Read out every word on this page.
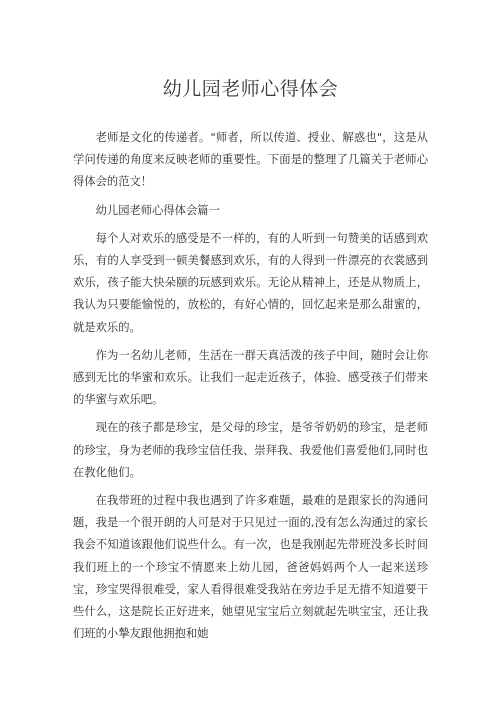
幼儿园老师心得体会

老师是文化的传递者。"师者，所以传道、授业、解惑也"，这是从学问传递的角度来反映老师的重要性。下面是的整理了几篇关于老师心得体会的范文！

幼儿园老师心得体会篇一

每个人对欢乐的感受是不一样的，有的人听到一句赞美的话感到欢乐，有的人享受到一顿美餐感到欢乐，有的人得到一件漂亮的衣裳感到欢乐，孩子能大快朵颐的玩感到欢乐。无论从精神上，还是从物质上，我认为只要能愉悦的，放松的，有好心情的，回忆起来是那么甜蜜的，就是欢乐的。

作为一名幼儿老师，生活在一群天真活泼的孩子中间，随时会让你感到无比的华蜜和欢乐。让我们一起走近孩子，体验、感受孩子们带来的华蜜与欢乐吧。

现在的孩子都是珍宝，是父母的珍宝，是爷爷奶奶的珍宝，是老师的珍宝，身为老师的我珍宝信任我、崇拜我、我爱他们喜爱他们,同时也在教化他们。

在我带班的过程中我也遇到了许多难题，最难的是跟家长的沟通问题，我是一个很开朗的人可是对于只见过一面的,没有怎么沟通过的家长我会不知道该跟他们说些什么。有一次，也是我刚起先带班没多长时间我们班上的一个珍宝不情愿来上幼儿园，爸爸妈妈两个人一起来送珍宝，珍宝哭得很难受，家人看得很难受我站在旁边手足无措不知道要干些什么，这是院长正好进来，她望见宝宝后立刻就起先哄宝宝，还让我们班的小摯友跟他拥抱和她
